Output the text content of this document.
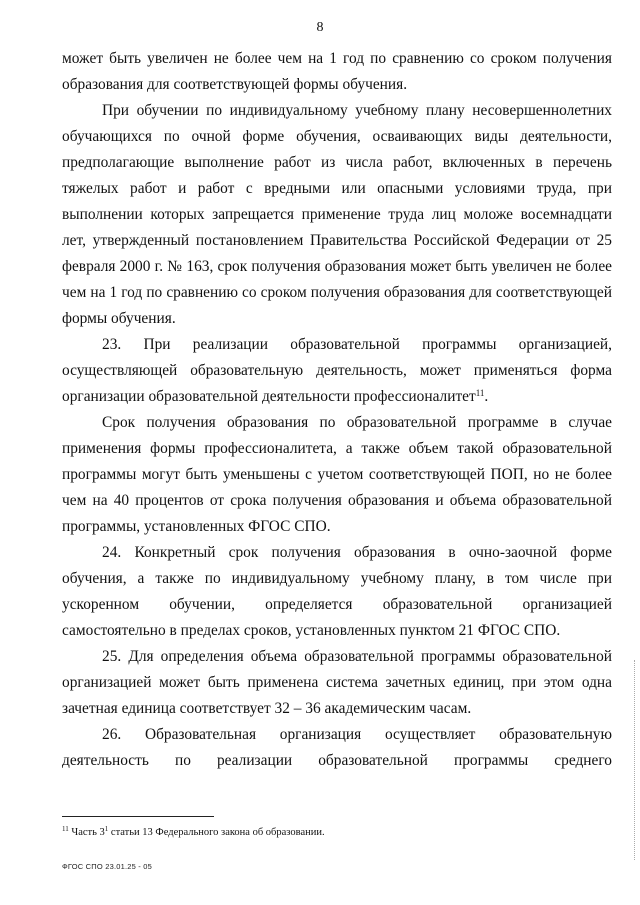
8

может быть увеличен не более чем на 1 год по сравнению со сроком получения образования для соответствующей формы обучения.

При обучении по индивидуальному учебному плану несовершеннолетних обучающихся по очной форме обучения, осваивающих виды деятельности, предполагающие выполнение работ из числа работ, включенных в перечень тяжелых работ и работ с вредными или опасными условиями труда, при выполнении которых запрещается применение труда лиц моложе восемнадцати лет, утвержденный постановлением Правительства Российской Федерации от 25 февраля 2000 г. № 163, срок получения образования может быть увеличен не более чем на 1 год по сравнению со сроком получения образования для соответствующей формы обучения.

23. При реализации образовательной программы организацией, осуществляющей образовательную деятельность, может применяться форма организации образовательной деятельности профессионалитет$^{11}$.

Срок получения образования по образовательной программе в случае применения формы профессионалитета, а также объем такой образовательной программы могут быть уменьшены с учетом соответствующей ПОП, но не более чем на 40 процентов от срока получения образования и объема образовательной программы, установленных ФГОС СПО.

24. Конкретный срок получения образования в очно-заочной форме обучения, а также по индивидуальному учебному плану, в том числе при ускоренном обучении, определяется образовательной организацией самостоятельно в пределах сроков, установленных пунктом 21 ФГОС СПО.

25. Для определения объема образовательной программы образовательной организацией может быть применена система зачетных единиц, при этом одна зачетная единица соответствует 32 – 36 академическим часам.

26. Образовательная организация осуществляет образовательную деятельность по реализации образовательной программы среднего

$^{11}$ Часть $3^1$ статьи 13 Федерального закона об образовании.
ФГОС СПО 23.01.25 - 05
